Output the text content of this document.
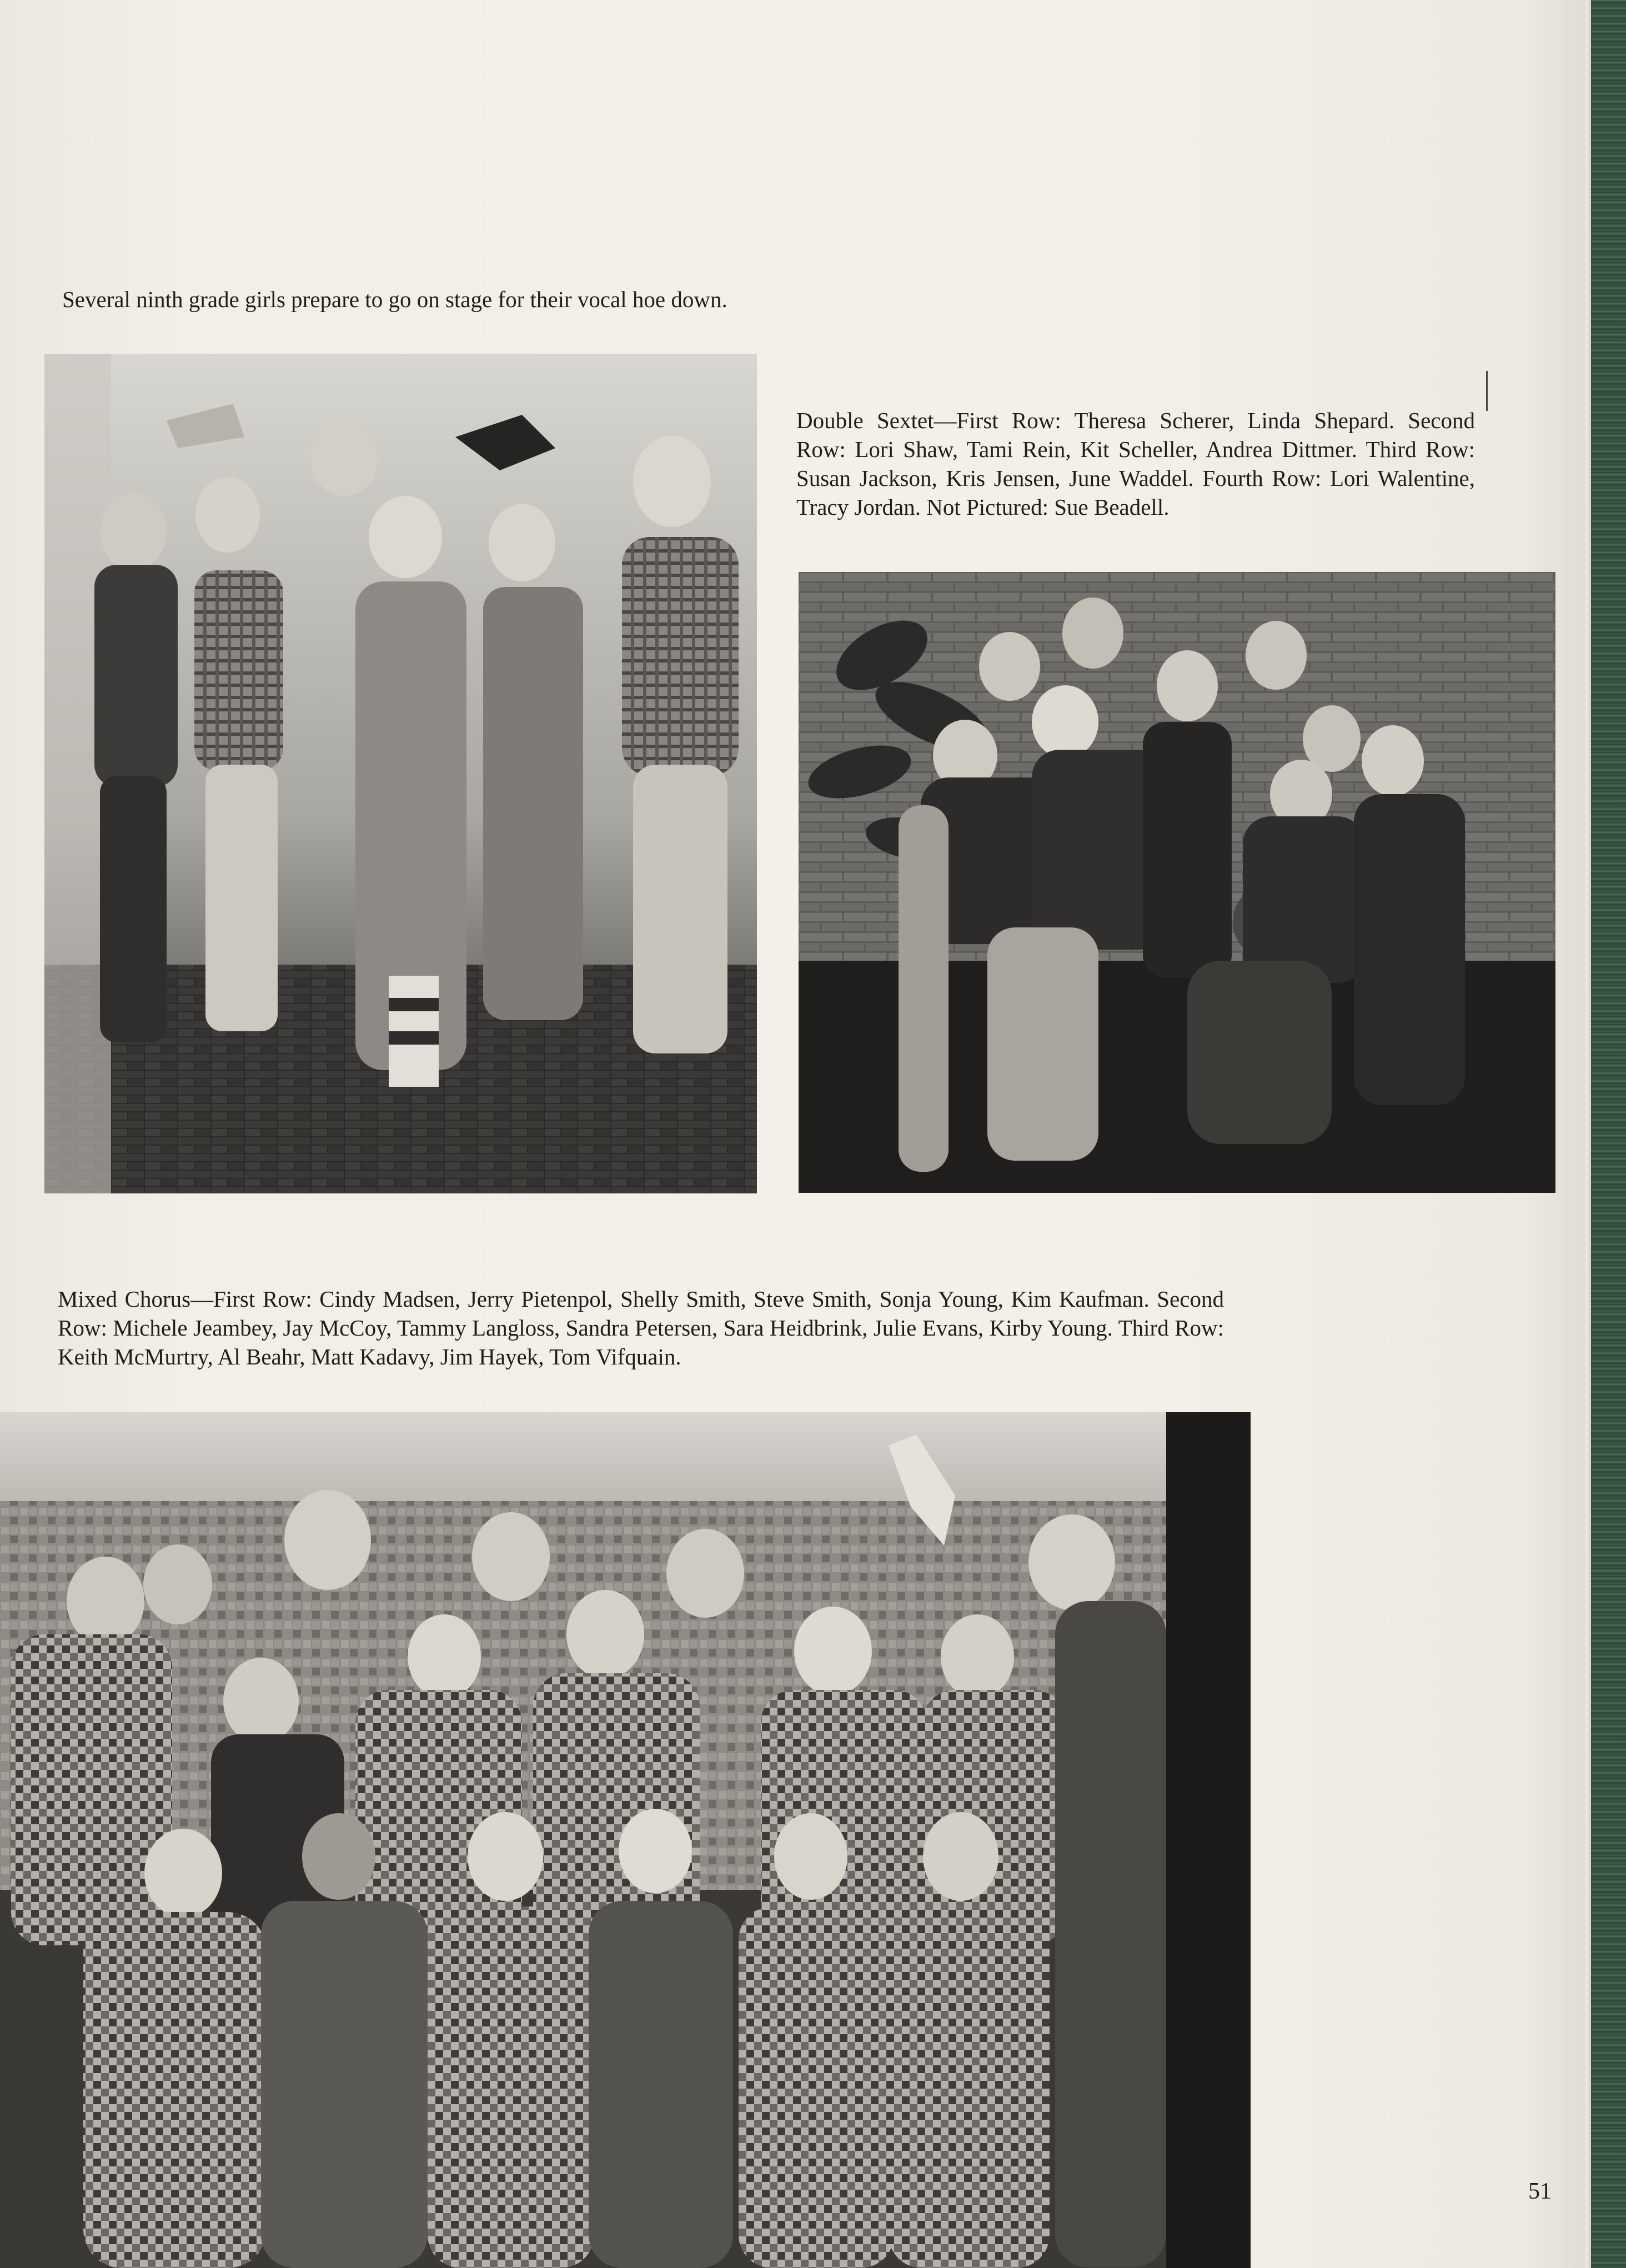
Several ninth grade girls prepare to go on stage for their vocal hoe down.

Double Sextet—First Row: Theresa Scherer, Linda Shepard. Second Row: Lori Shaw, Tami Rein, Kit Scheller, Andrea Dittmer. Third Row: Susan Jackson, Kris Jensen, June Waddel. Fourth Row: Lori Walentine, Tracy Jordan. Not Pictured: Sue Beadell.

Mixed Chorus—First Row: Cindy Madsen, Jerry Pietenpol, Shelly Smith, Steve Smith, Sonja Young, Kim Kaufman. Second Row: Michele Jeambey, Jay McCoy, Tammy Langloss, Sandra Petersen, Sara Heidbrink, Julie Evans, Kirby Young. Third Row: Keith McMurtry, Al Beahr, Matt Kadavy, Jim Hayek, Tom Vifquain.

51
